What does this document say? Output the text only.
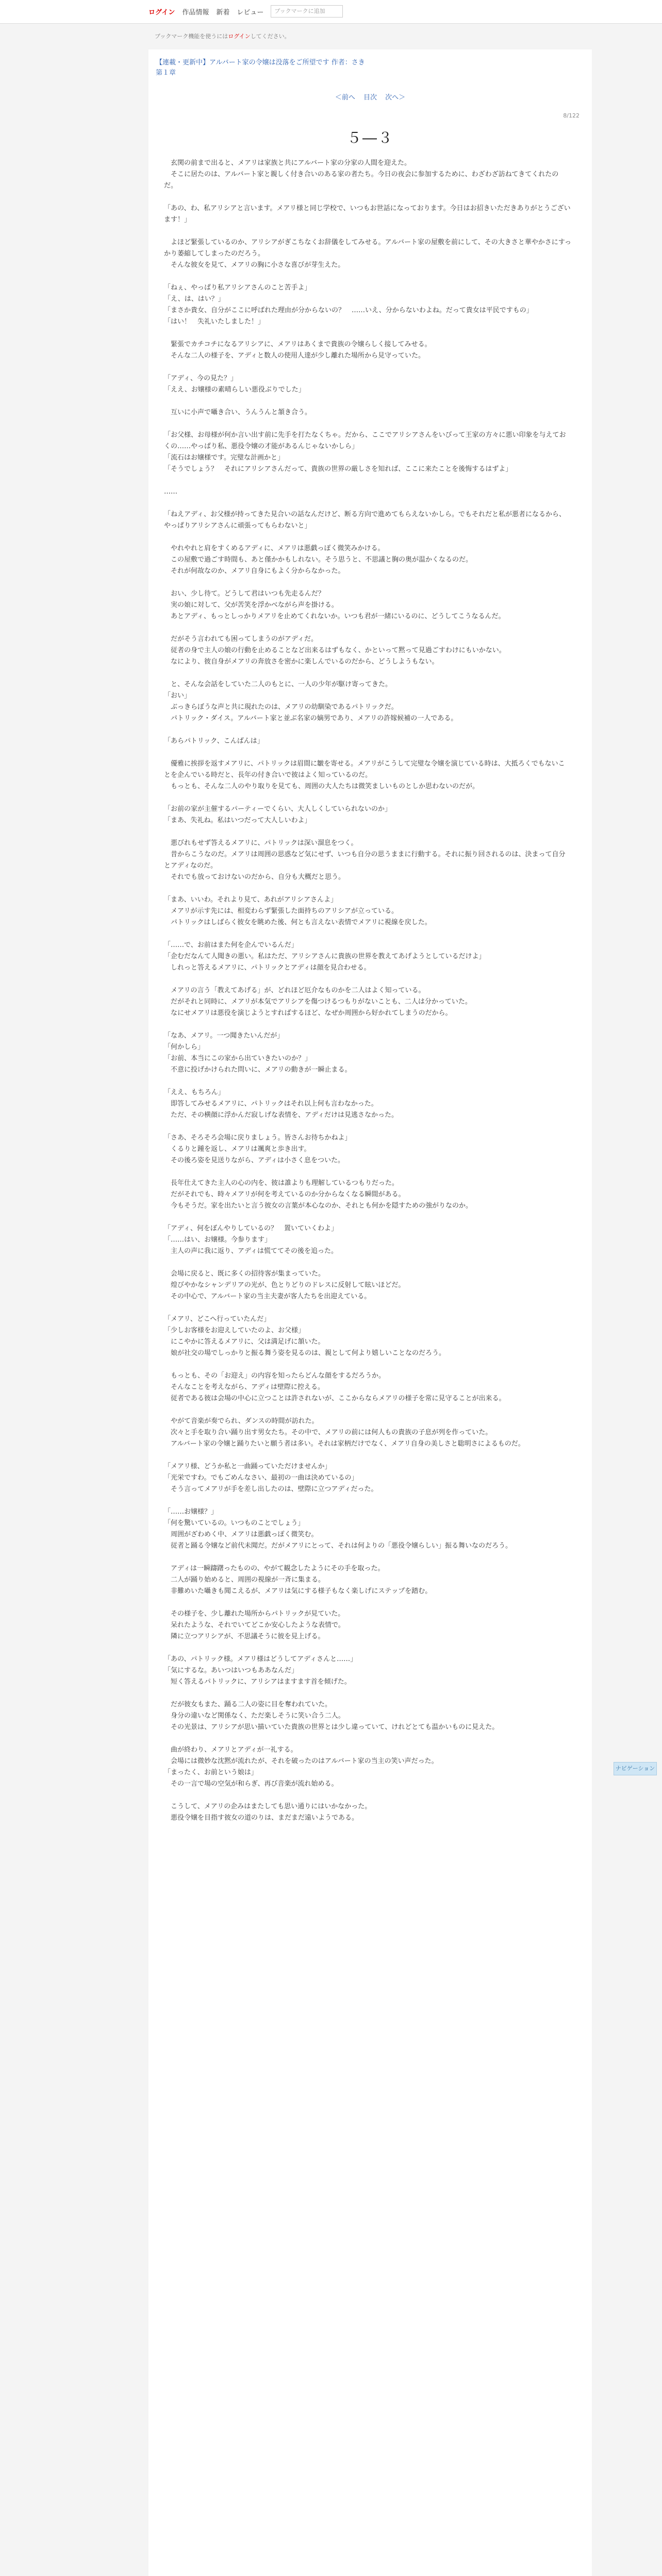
ログイン 作品情報 新着 レビュー	ブックマークに追加
ブックマーク機能を使うにはログインしてください。
【連載・更新中】アルバート家の令嬢は没落をご所望です 作者：さき
第１章
＜前へ 目次 次へ＞
8/122
５―３

　玄関の前まで出ると、メアリは家族と共にアルバート家の分家の人間を迎えた。
　そこに居たのは、アルバート家と親しく付き合いのある家の者たち。今日の夜会に参加するために、わざわざ訪ねてきてくれたのだ。

「あの、わ、私アリシアと言います。メアリ様と同じ学校で、いつもお世話になっております。今日はお招きいただきありがとうございます！」

　よほど緊張しているのか、アリシアがぎこちなくお辞儀をしてみせる。アルバート家の屋敷を前にして、その大きさと華やかさにすっかり萎縮してしまったのだろう。
　そんな彼女を見て、メアリの胸に小さな喜びが芽生えた。

「ねぇ、やっぱり私アリシアさんのこと苦手よ」
「え、は、はい？」
「まさか貴女、自分がここに呼ばれた理由が分からないの？　……いえ、分からないわよね。だって貴女は平民ですもの」
「はい！　失礼いたしました！」

　緊張でカチコチになるアリシアに、メアリはあくまで貴族の令嬢らしく接してみせる。
　そんな二人の様子を、アディと数人の使用人達が少し離れた場所から見守っていた。

「アディ、今の見た？」
「ええ、お嬢様の素晴らしい悪役ぶりでした」

　互いに小声で囁き合い、うんうんと頷き合う。

「お父様、お母様が何か言い出す前に先手を打たなくちゃ。だから、ここでアリシアさんをいびって王家の方々に悪い印象を与えておくの……やっぱり私、悪役令嬢の才能があるんじゃないかしら」
「流石はお嬢様です。完璧な計画かと」
「そうでしょう？　それにアリシアさんだって、貴族の世界の厳しさを知れば、ここに来たことを後悔するはずよ」

……

「ねえアディ、お父様が持ってきた見合いの話なんだけど、断る方向で進めてもらえないかしら。でもそれだと私が悪者になるから、やっぱりアリシアさんに頑張ってもらわないと」

　やれやれと肩をすくめるアディに、メアリは悪戯っぽく微笑みかける。
　この屋敷で過ごす時間も、あと僅かかもしれない。そう思うと、不思議と胸の奥が温かくなるのだ。
　それが何故なのか、メアリ自身にもよく分からなかった。

　おい、少し待て。どうして君はいつも先走るんだ？
　実の娘に対して、父が苦笑を浮かべながら声を掛ける。
　あとアディ、もっとしっかりメアリを止めてくれないか。いつも君が一緒にいるのに、どうしてこうなるんだ。

　だがそう言われても困ってしまうのがアディだ。
　従者の身で主人の娘の行動を止めることなど出来るはずもなく、かといって黙って見過ごすわけにもいかない。
　なにより、彼自身がメアリの奔放さを密かに楽しんでいるのだから、どうしようもない。

　と、そんな会話をしていた二人のもとに、一人の少年が駆け寄ってきた。
「おい」
　ぶっきらぼうな声と共に現れたのは、メアリの幼馴染であるパトリックだ。
　パトリック・ダイス。アルバート家と並ぶ名家の嫡男であり、メアリの許嫁候補の一人である。

「あらパトリック、こんばんは」

　優雅に挨拶を返すメアリに、パトリックは眉間に皺を寄せる。メアリがこうして完璧な令嬢を演じている時は、大抵ろくでもないことを企んでいる時だと、長年の付き合いで彼はよく知っているのだ。
　もっとも、そんな二人のやり取りを見ても、周囲の大人たちは微笑ましいものとしか思わないのだが。

「お前の家が主催するパーティーでくらい、大人しくしていられないのか」
「まあ、失礼ね。私はいつだって大人しいわよ」

　悪びれもせず答えるメアリに、パトリックは深い溜息をつく。
　昔からこうなのだ。メアリは周囲の思惑など気にせず、いつも自分の思うままに行動する。それに振り回されるのは、決まって自分とアディなのだ。
　それでも放っておけないのだから、自分も大概だと思う。

「まあ、いいわ。それより見て、あれがアリシアさんよ」
　メアリが示す先には、相変わらず緊張した面持ちのアリシアが立っている。
　パトリックはしばらく彼女を眺めた後、何とも言えない表情でメアリに視線を戻した。

「……で、お前はまた何を企んでいるんだ」
「企むだなんて人聞きの悪い。私はただ、アリシアさんに貴族の世界を教えてあげようとしているだけよ」
　しれっと答えるメアリに、パトリックとアディは顔を見合わせる。

　メアリの言う「教えてあげる」が、どれほど厄介なものかを二人はよく知っている。
　だがそれと同時に、メアリが本気でアリシアを傷つけるつもりがないことも、二人は分かっていた。
　なにせメアリは悪役を演じようとすればするほど、なぜか周囲から好かれてしまうのだから。

「なあ、メアリ。一つ聞きたいんだが」
「何かしら」
「お前、本当にこの家から出ていきたいのか？」
　不意に投げかけられた問いに、メアリの動きが一瞬止まる。

「ええ、もちろん」
　即答してみせるメアリに、パトリックはそれ以上何も言わなかった。
　ただ、その横顔に浮かんだ寂しげな表情を、アディだけは見逃さなかった。

「さあ、そろそろ会場に戻りましょう。皆さんお待ちかねよ」
　くるりと踵を返し、メアリは颯爽と歩き出す。
　その後ろ姿を見送りながら、アディは小さく息をついた。

　長年仕えてきた主人の心の内を、彼は誰よりも理解しているつもりだった。
　だがそれでも、時々メアリが何を考えているのか分からなくなる瞬間がある。
　今もそうだ。家を出たいと言う彼女の言葉が本心なのか、それとも何かを隠すための強がりなのか。

「アディ、何をぼんやりしているの？　置いていくわよ」
「……はい、お嬢様。今参ります」
　主人の声に我に返り、アディは慌ててその後を追った。

　会場に戻ると、既に多くの招待客が集まっていた。
　煌びやかなシャンデリアの光が、色とりどりのドレスに反射して眩いほどだ。
　その中心で、アルバート家の当主夫妻が客人たちを出迎えている。

「メアリ、どこへ行っていたんだ」
「少しお客様をお迎えしていたのよ、お父様」
　にこやかに答えるメアリに、父は満足げに頷いた。
　娘が社交の場でしっかりと振る舞う姿を見るのは、親として何より嬉しいことなのだろう。

　もっとも、その「お迎え」の内容を知ったらどんな顔をするだろうか。
　そんなことを考えながら、アディは壁際に控える。
　従者である彼は会場の中心に立つことは許されないが、ここからならメアリの様子を常に見守ることが出来る。

　やがて音楽が奏でられ、ダンスの時間が訪れた。
　次々と手を取り合い踊り出す男女たち。その中で、メアリの前には何人もの貴族の子息が列を作っていた。
　アルバート家の令嬢と踊りたいと願う者は多い。それは家柄だけでなく、メアリ自身の美しさと聡明さによるものだ。

「メアリ様、どうか私と一曲踊っていただけませんか」
「光栄ですわ。でもごめんなさい、最初の一曲は決めているの」
　そう言ってメアリが手を差し出したのは、壁際に立つアディだった。

「……お嬢様？」
「何を驚いているの。いつものことでしょう」
　周囲がざわめく中、メアリは悪戯っぽく微笑む。
　従者と踊る令嬢など前代未聞だ。だがメアリにとって、それは何よりの「悪役令嬢らしい」振る舞いなのだろう。

　アディは一瞬躊躇ったものの、やがて観念したようにその手を取った。
　二人が踊り始めると、周囲の視線が一斉に集まる。
　非難めいた囁きも聞こえるが、メアリは気にする様子もなく楽しげにステップを踏む。

　その様子を、少し離れた場所からパトリックが見ていた。
　呆れたような、それでいてどこか安心したような表情で。
　隣に立つアリシアが、不思議そうに彼を見上げる。

「あの、パトリック様。メアリ様はどうしてアディさんと……」
「気にするな。あいつはいつもああなんだ」
　短く答えるパトリックに、アリシアはますます首を傾げた。

　だが彼女もまた、踊る二人の姿に目を奪われていた。
　身分の違いなど関係なく、ただ楽しそうに笑い合う二人。
　その光景は、アリシアが思い描いていた貴族の世界とは少し違っていて、けれどとても温かいものに見えた。

　曲が終わり、メアリとアディが一礼する。
　会場には微妙な沈黙が流れたが、それを破ったのはアルバート家の当主の笑い声だった。
「まったく、お前という娘は」
　その一言で場の空気が和らぎ、再び音楽が流れ始める。

　こうして、メアリの企みはまたしても思い通りにはいかなかった。
　悪役令嬢を目指す彼女の道のりは、まだまだ遠いようである。

ナビゲーション
